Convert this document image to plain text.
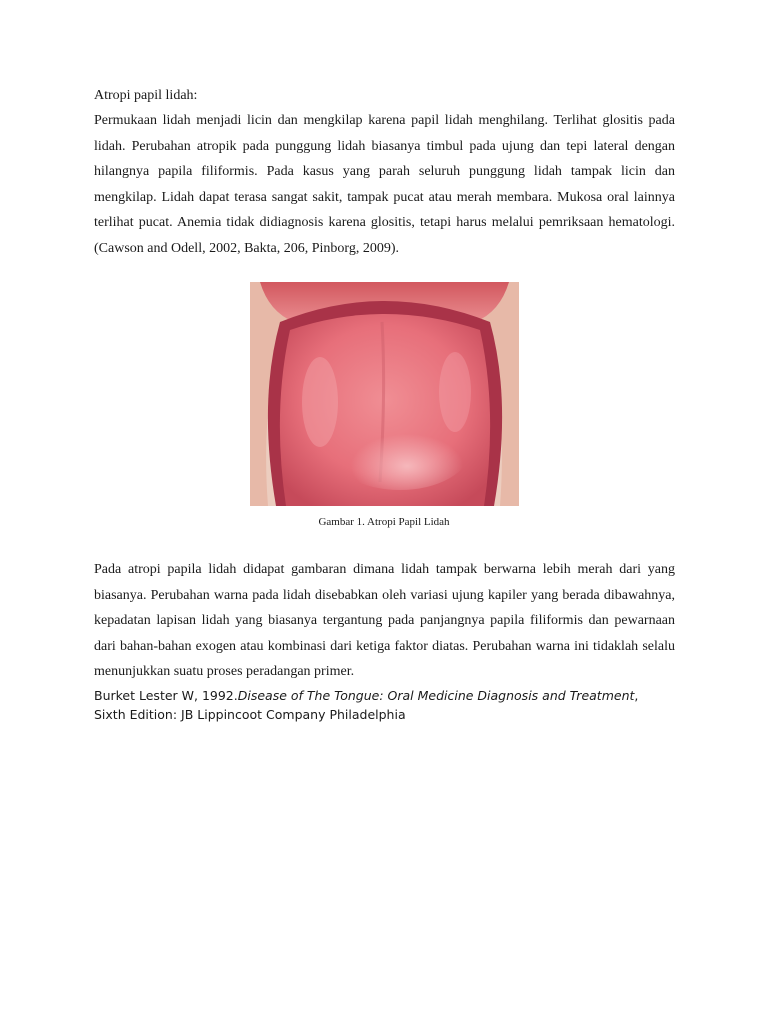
Atropi papil lidah:

Permukaan lidah menjadi licin dan mengkilap karena papil lidah menghilang. Terlihat glositis pada lidah. Perubahan atropik pada punggung lidah biasanya timbul pada ujung dan tepi lateral dengan hilangnya papila filiformis. Pada kasus yang parah seluruh punggung lidah tampak licin dan mengkilap. Lidah dapat terasa sangat sakit, tampak pucat atau merah membara. Mukosa oral lainnya terlihat pucat. Anemia tidak didiagnosis karena glositis, tetapi harus melalui pemriksaan hematologi. (Cawson and Odell, 2002, Bakta, 206, Pinborg, 2009).

Gambar 1. Atropi Papil Lidah

Pada atropi papila lidah didapat gambaran dimana lidah tampak berwarna lebih merah dari yang biasanya. Perubahan warna pada lidah disebabkan oleh variasi ujung kapiler yang berada dibawahnya, kepadatan lapisan lidah yang biasanya tergantung pada panjangnya papila filiformis dan pewarnaan dari bahan-bahan exogen atau kombinasi dari ketiga faktor diatas. Perubahan warna ini tidaklah selalu menunjukkan suatu proses peradangan primer.

Burket Lester W, 1992.Disease of The Tongue: Oral Medicine Diagnosis and Treatment,
Sixth Edition: JB Lippincoot Company Philadelphia
